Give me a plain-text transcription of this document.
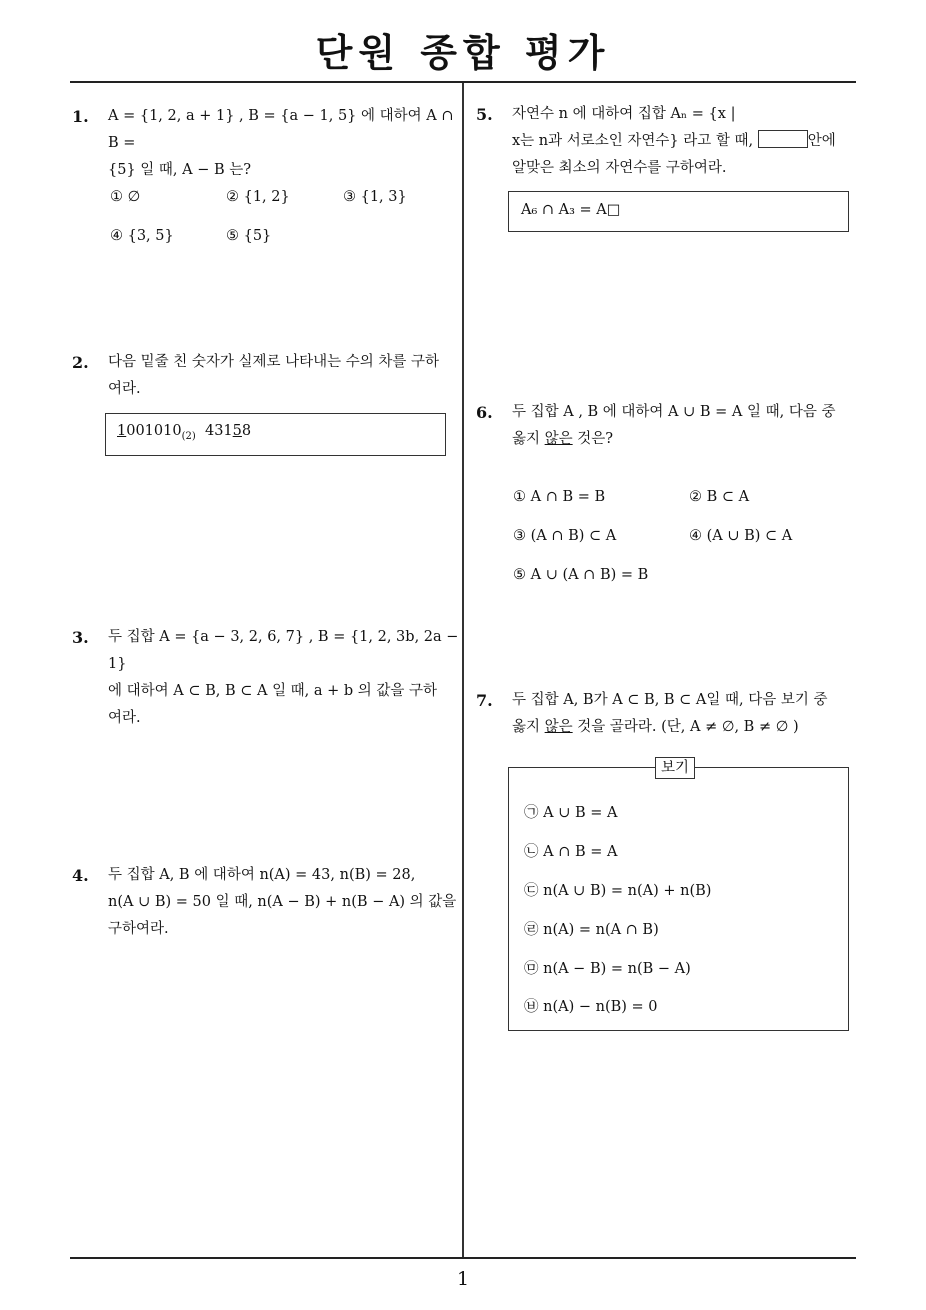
단원 종합 평가
1
1. A = {1, 2, a + 1} , B = {a − 1, 5} 에 대하여 A ∩ B =
{5} 일 때, A − B 는?
① ∅	② {1, 2}	③ {1, 3}
④ {3, 5}	⑤ {5}
2. 다음 밑줄 친 숫자가 실제로 나타내는 수의 차를 구하
여라.
$1001010_{(2)}$ 43158
3. 두 집합 A = {a − 3, 2, 6, 7} , B = {1, 2, 3b, 2a − 1}
에 대하여 A ⊂ B, B ⊂ A 일 때, a + b 의 값을 구하
여라.
4. 두 집합 A, B 에 대하여 n(A) = 43, n(B) = 28,
n(A ∪ B) = 50 일 때, n(A − B) + n(B − A) 의 값을
구하여라.
5. 자연수 n 에 대하여 집합 Aₙ = {x |
x는 n과 서로소인 자연수} 라고 할 때,	안에
알맞은 최소의 자연수를 구하여라.
A₆ ∩ A₃ = A□
6. 두 집합 A , B 에 대하여 A ∪ B = A 일 때, 다음 중
옳지 않은 것은?
① A ∩ B = B	② B ⊂ A
③ (A ∩ B) ⊂ A	④ (A ∪ B) ⊂ A
⑤ A ∪ (A ∩ B) = B
7. 두 집합 A, B가 A ⊂ B, B ⊂ A일 때, 다음 보기 중
옳지 않은 것을 골라라. (단, A ≠ ∅, B ≠ ∅ )
보기
㉠ A ∪ B = A
㉡ A ∩ B = A
㉢ n(A ∪ B) = n(A) + n(B)
㉣ n(A) = n(A ∩ B)
㉤ n(A − B) = n(B − A)
㉥ n(A) − n(B) = 0
